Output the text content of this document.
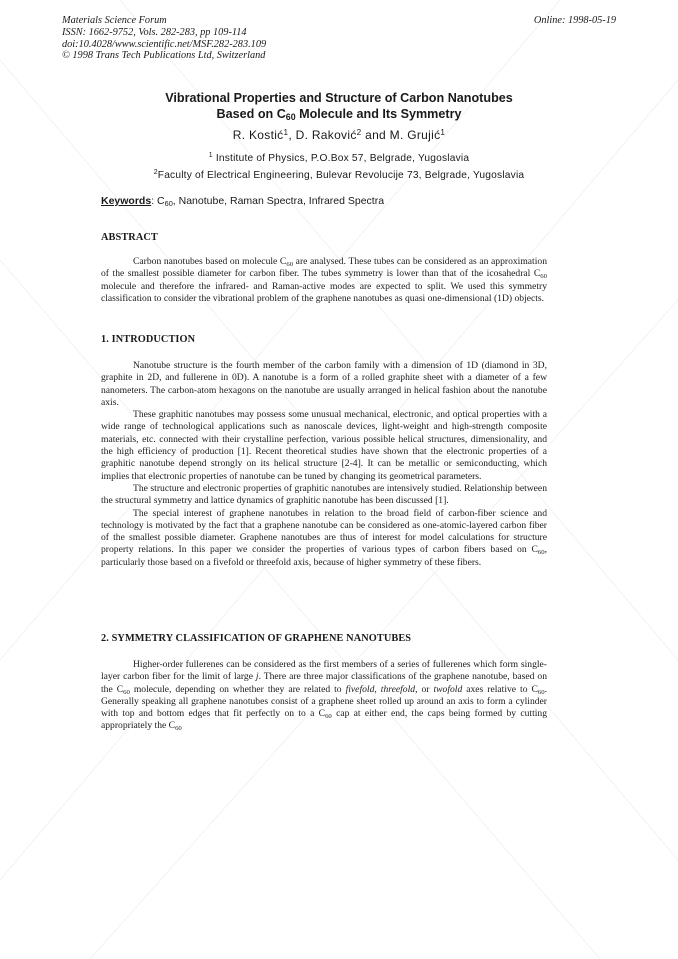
Materials Science Forum
ISSN: 1662-9752, Vols. 282-283, pp 109-114
doi:10.4028/www.scientific.net/MSF.282-283.109
© 1998 Trans Tech Publications Ltd, Switzerland
Online: 1998-05-19
Vibrational Properties and Structure of Carbon Nanotubes
Based on $C_{60}$ Molecule and Its Symmetry
R. Kostić$^1$, D. Raković$^2$ and M. Grujić$^1$
$^1$ Institute of Physics, P.O.Box 57, Belgrade, Yugoslavia
$^2$Faculty of Electrical Engineering, Bulevar Revolucije 73, Belgrade, Yugoslavia
Keywords: $C_{60}$, Nanotube, Raman Spectra, Infrared Spectra
ABSTRACT

Carbon nanotubes based on molecule $C_{60}$ are analysed. These tubes can be considered as an approximation of the smallest possible diameter for carbon fiber. The tubes symmetry is lower than that of the icosahedral $C_{60}$ molecule and therefore the infrared- and Raman-active modes are expected to split. We used this symmetry classification to consider the vibrational problem of the graphene nanotubes as quasi one-dimensional (1D) objects.

1. INTRODUCTION

Nanotube structure is the fourth member of the carbon family with a dimension of 1D (diamond in 3D, graphite in 2D, and fullerene in 0D). A nanotube is a form of a rolled graphite sheet with a diameter of a few nanometers. The carbon-atom hexagons on the nanotube are usually arranged in helical fashion about the nanotube axis.

These graphitic nanotubes may possess some unusual mechanical, electronic, and optical properties with a wide range of technological applications such as nanoscale devices, light-weight and high-strength composite materials, etc. connected with their crystalline perfection, various possible helical structures, dimensionality, and the high efficiency of production [1]. Recent theoretical studies have shown that the electronic properties of a graphitic nanotube depend strongly on its helical structure [2-4]. It can be metallic or semiconducting, which implies that electronic properties of nanotube can be tuned by changing its geometrical parameters.

The structure and electronic properties of graphitic nanotubes are intensively studied. Relationship between the structural symmetry and lattice dynamics of graphitic nanotube has been discussed [1].

The special interest of graphene nanotubes in relation to the broad field of carbon-fiber science and technology is motivated by the fact that a graphene nanotube can be considered as one-atomic-layered carbon fiber of the smallest possible diameter. Graphene nanotubes are thus of interest for model calculations for structure property relations. In this paper we consider the properties of various types of carbon fibers based on $C_{60}$, particularly those based on a fivefold or threefold axis, because of higher symmetry of these fibers.

2. SYMMETRY CLASSIFICATION OF GRAPHENE NANOTUBES

Higher-order fullerenes can be considered as the first members of a series of fullerenes which form single-layer carbon fiber for the limit of large j. There are three major classifications of the graphene nanotube, based on the $C_{60}$ molecule, depending on whether they are related to fivefold, threefold, or twofold axes relative to $C_{60}$. Generally speaking all graphene nanotubes consist of a graphene sheet rolled up around an axis to form a cylinder with top and bottom edges that fit perfectly on to a $C_{60}$ cap at either end, the caps being formed by cutting appropriately the $C_{60}$
